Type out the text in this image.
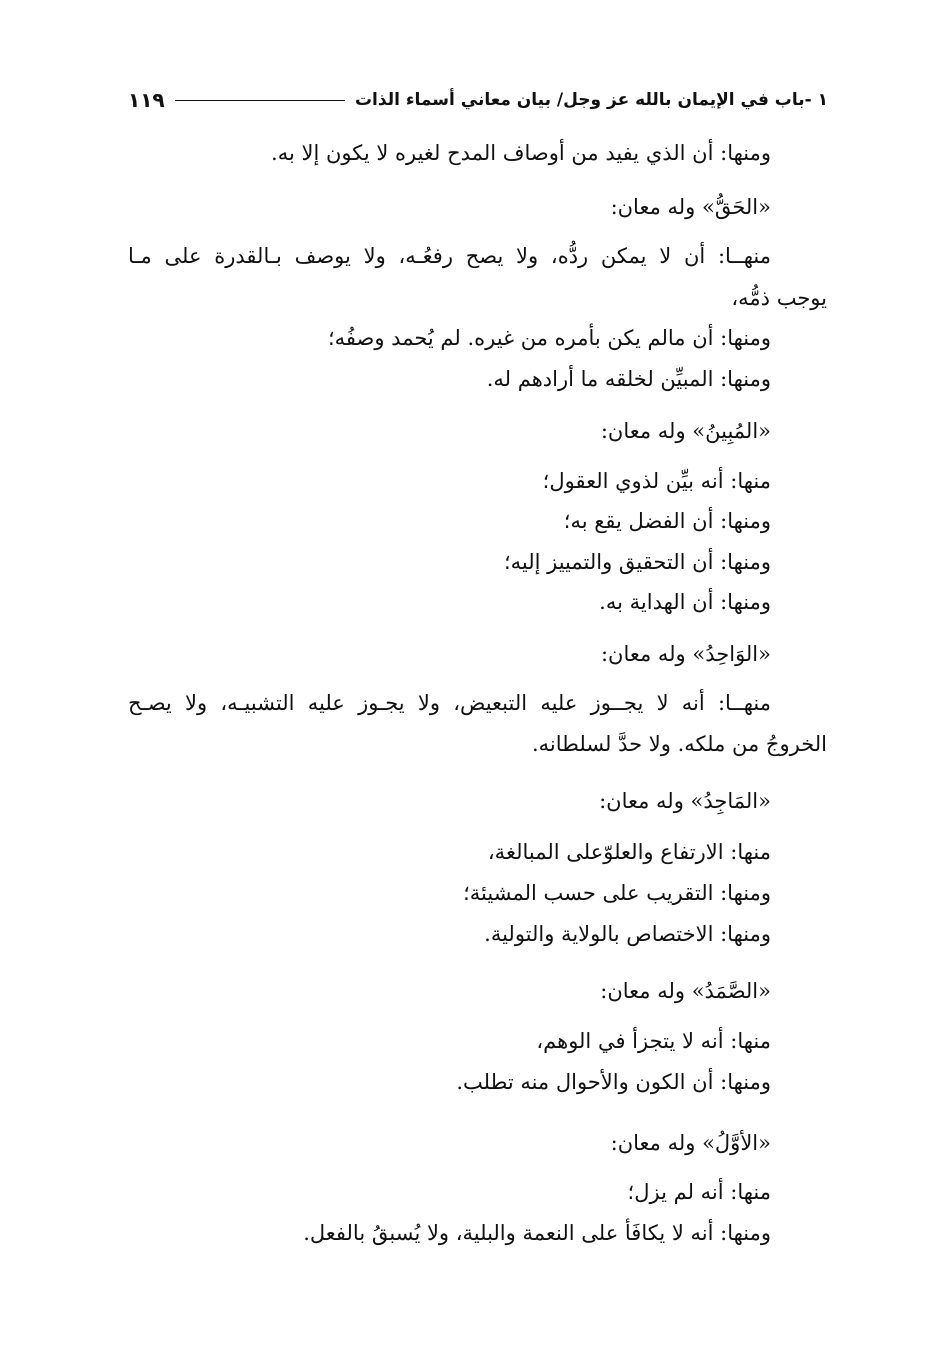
١ -باب في الإيمان بالله عز وجل/ بيان معاني أسماء الذات
١١٩
ومنها: أن الذي يفيد من أوصاف المدح لغيره لا يكون إلا به.
«الحَقُّ» وله معان:
منهــا: أن لا يمكن ردُّه، ولا يصح رفعُـه، ولا يوصف بـالقدرة على مـا
يوجب ذمُّه،
ومنها: أن مالم يكن بأمره من غيره. لم يُحمد وصفُه؛
ومنها: المبيِّن لخلقه ما أرادهم له.
«المُبِينُ» وله معان:
منها: أنه بيِّن لذوي العقول؛
ومنها: أن الفضل يقع به؛
ومنها: أن التحقيق والتمييز إليه؛
ومنها: أن الهداية به.
«الوَاحِدُ» وله معان:
منهــا: أنه لا يجــوز عليه التبعيض، ولا يجـوز عليه التشبيـه، ولا يصـح
الخروجُ من ملكه. ولا حدَّ لسلطانه.
«المَاجِدُ» وله معان:
منها: الارتفاع والعلوّعلى المبالغة،
ومنها: التقريب على حسب المشيئة؛
ومنها: الاختصاص بالولاية والتولية.
«الصَّمَدُ» وله معان:
منها: أنه لا يتجزأ في الوهم،
ومنها: أن الكون والأحوال منه تطلب.
«الأوَّلُ» وله معان:
منها: أنه لم يزل؛
ومنها: أنه لا يكافَأ على النعمة والبلية، ولا يُسبقُ بالفعل.
